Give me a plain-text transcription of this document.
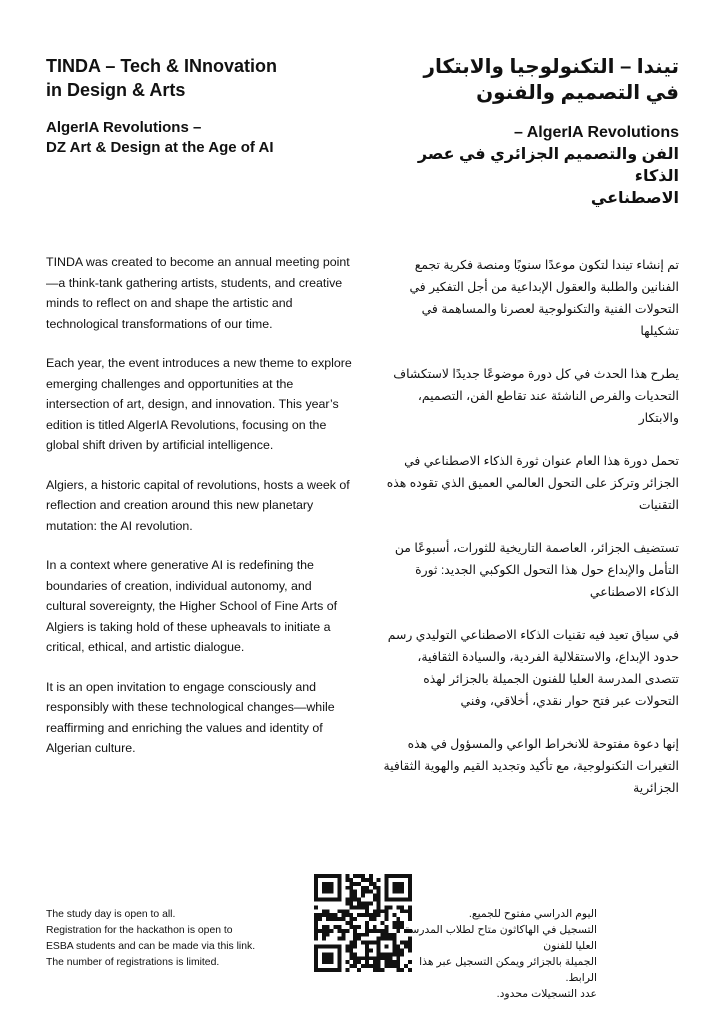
TINDA – Tech & INnovation
in Design & Arts
AlgerIA Revolutions –
DZ Art & Design at the Age of AI
تيندا – التكنولوجيا والابتكار
في التصميم والفنون
– AlgerIA Revolutions
الفن والتصميم الجزائري في عصر الذكاء
الاصطناعي

TINDA was created to become an annual meeting point—a think-tank gathering artists, students, and creative minds to reflect on and shape the artistic and technological transformations of our time.

Each year, the event introduces a new theme to explore emerging challenges and opportunities at the intersection of art, design, and innovation. This year’s edition is titled AlgerIA Revolutions, focusing on the global shift driven by artificial intelligence.

Algiers, a historic capital of revolutions, hosts a week of reflection and creation around this new planetary mutation: the AI revolution.

In a context where generative AI is redefining the boundaries of creation, individual autonomy, and cultural sovereignty, the Higher School of Fine Arts of Algiers is taking hold of these upheavals to initiate a critical, ethical, and artistic dialogue.

It is an open invitation to engage consciously and responsibly with these technological changes—while reaffirming and enriching the values and identity of Algerian culture.

تم إنشاء تيندا لتكون موعدًا سنويًا ومنصة فكرية تجمع الفنانين والطلبة والعقول الإبداعية من أجل التفكير في التحولات الفنية والتكنولوجية لعصرنا والمساهمة في تشكيلها

يطرح هذا الحدث في كل دورة موضوعًا جديدًا لاستكشاف التحديات والفرص الناشئة عند تقاطع الفن، التصميم، والابتكار

تحمل دورة هذا العام عنوان ثورة الذكاء الاصطناعي في الجزائر وتركز على التحول العالمي العميق الذي تقوده هذه التقنيات

تستضيف الجزائر، العاصمة التاريخية للثورات، أسبوعًا من التأمل والإبداع حول هذا التحول الكوكبي الجديد: ثورة الذكاء الاصطناعي

في سياق تعيد فيه تقنيات الذكاء الاصطناعي التوليدي رسم حدود الإبداع، والاستقلالية الفردية، والسيادة الثقافية، تتصدى المدرسة العليا للفنون الجميلة بالجزائر لهذه التحولات عبر فتح حوار نقدي، أخلاقي، وفني

إنها دعوة مفتوحة للانخراط الواعي والمسؤول في هذه التغيرات التكنولوجية، مع تأكيد وتجديد القيم والهوية الثقافية الجزائرية

The study day is open to all.

Registration for the hackathon is open to

ESBA students and can be made via this link.

The number of registrations is limited.

اليوم الدراسي مفتوح للجميع.

التسجيل في الهاكاثون متاح لطلاب المدرسة العليا للفنون

الجميلة بالجزائر ويمكن التسجيل عبر هذا الرابط.

عدد التسجيلات محدود.
